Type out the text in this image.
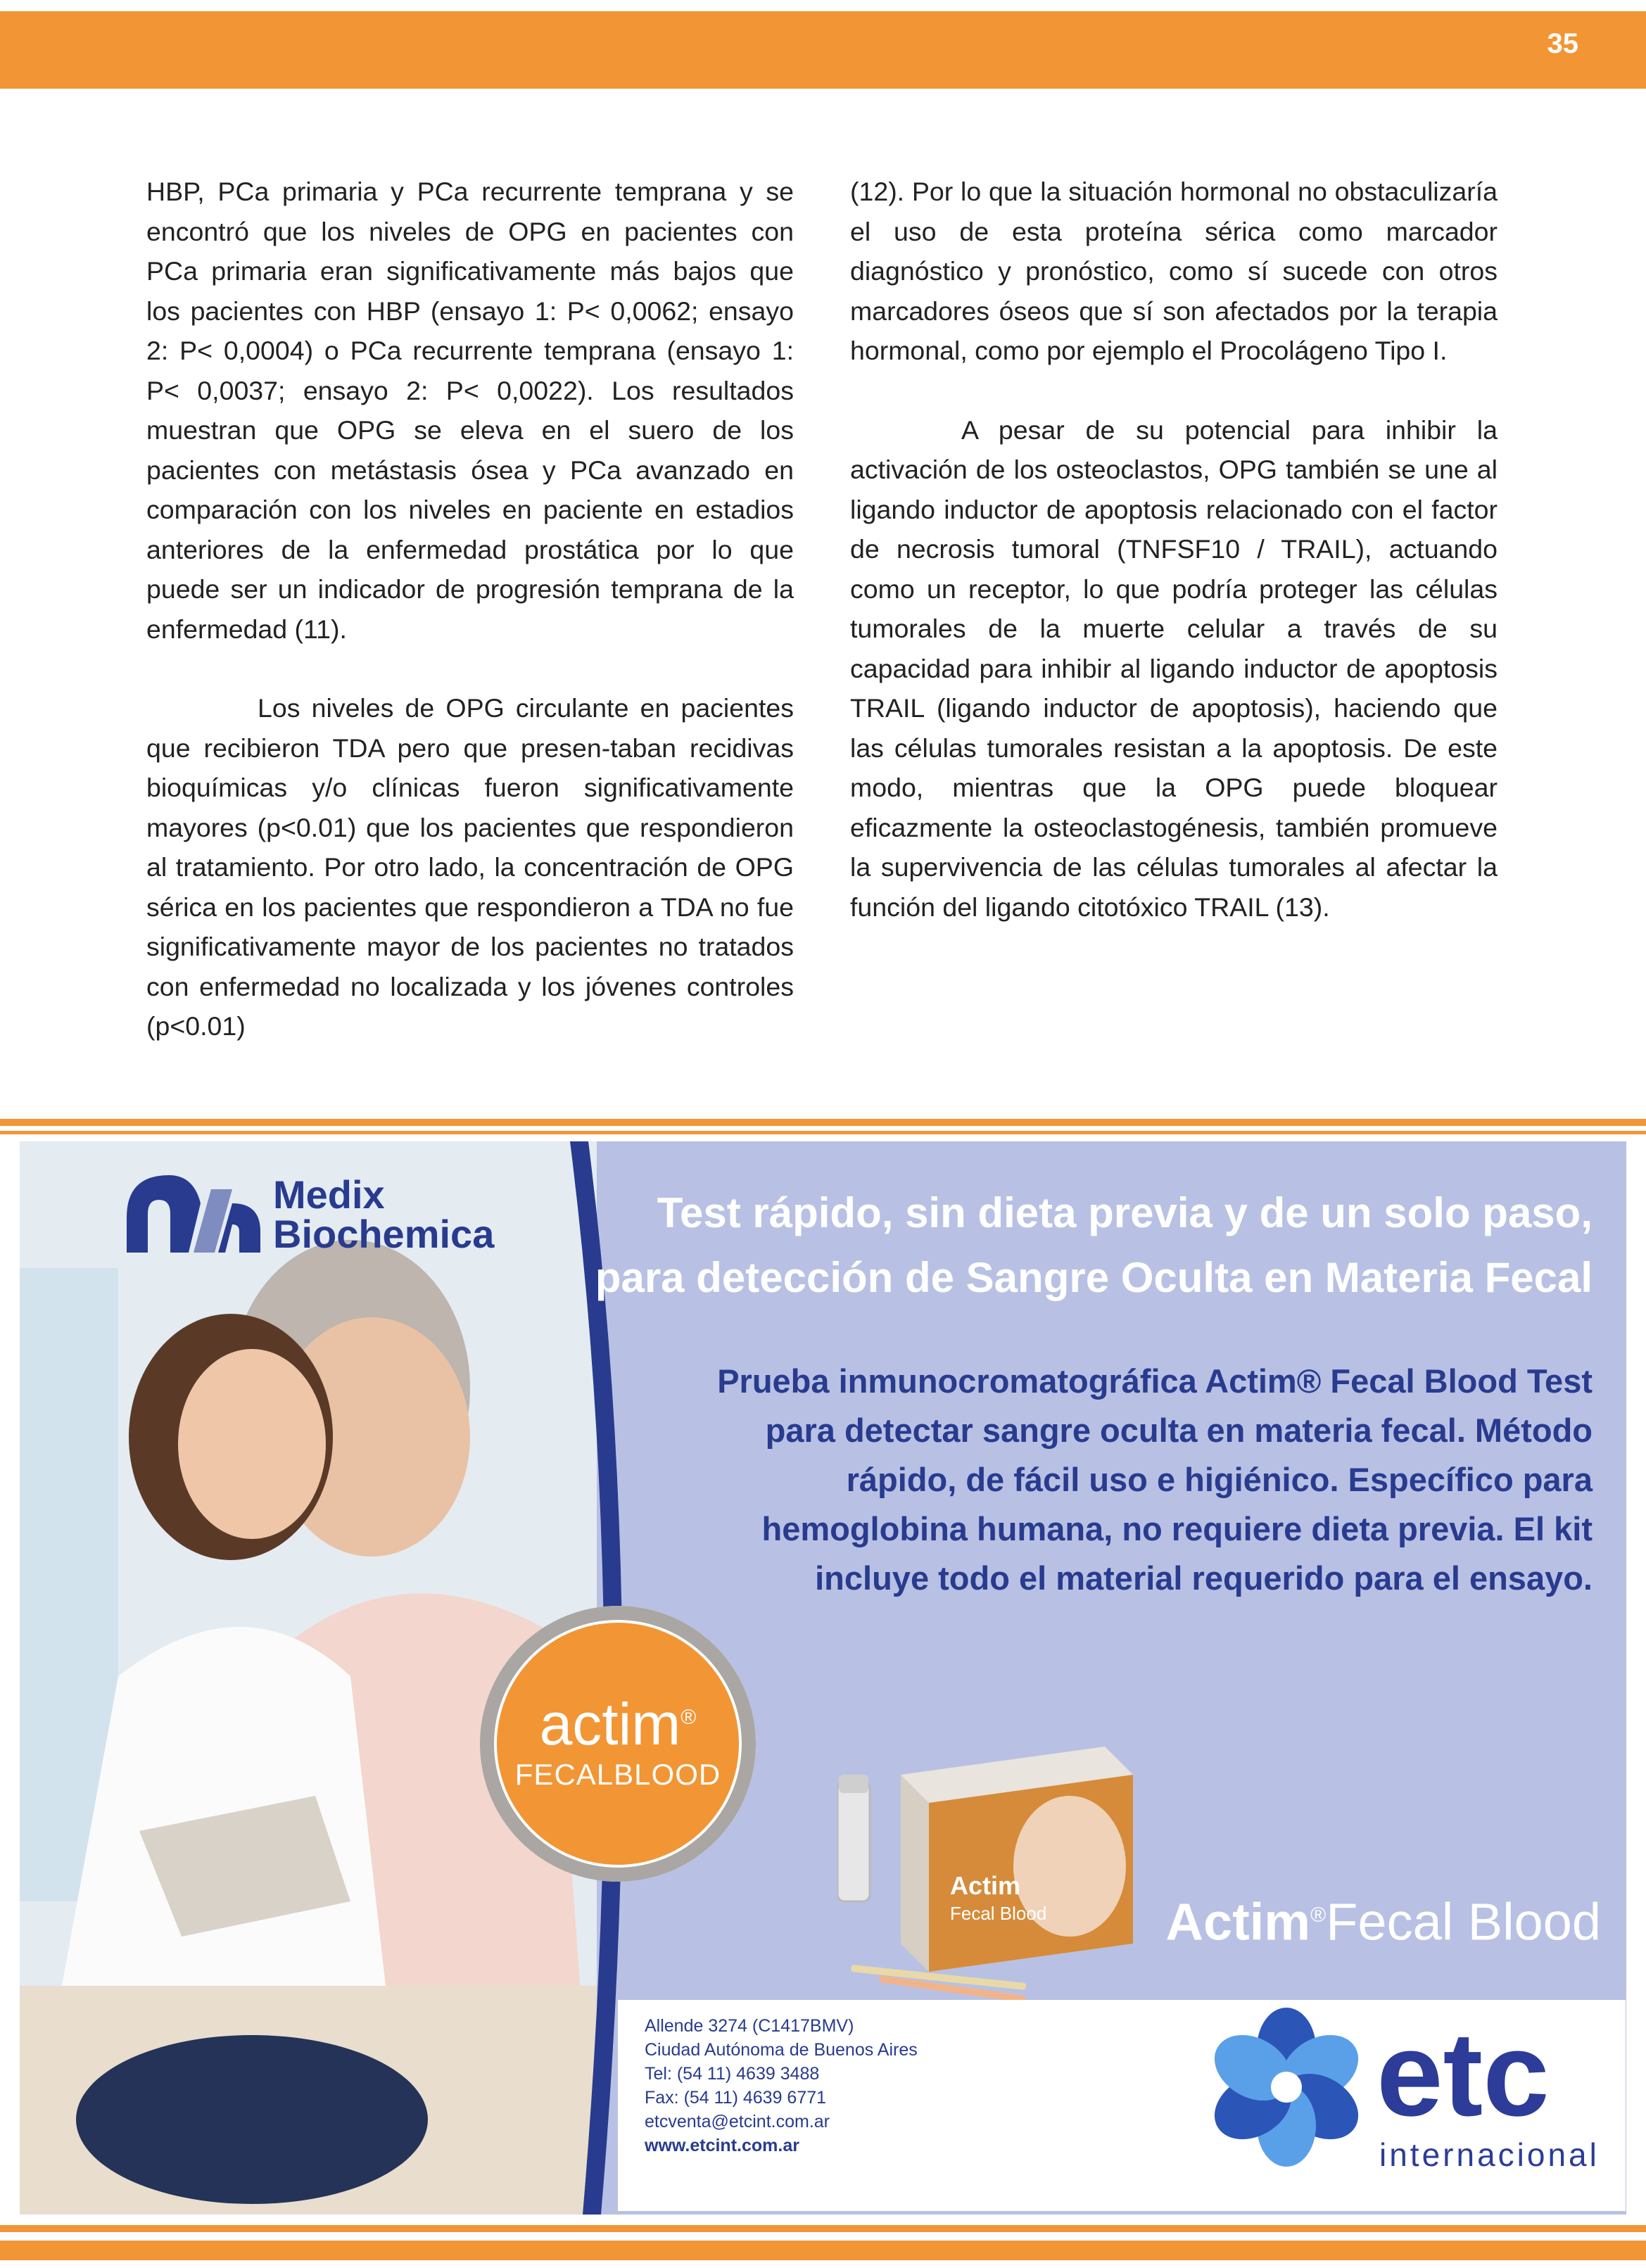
35

HBP, PCa primaria y PCa recurrente temprana y se encontró que los niveles de OPG en pacientes con PCa primaria eran significativamente más bajos que los pacientes con HBP (ensayo 1: P< 0,0062; ensayo 2: P< 0,0004) o PCa recurrente temprana (ensayo 1: P< 0,0037; ensayo 2: P< 0,0022). Los resultados muestran que OPG se eleva en el suero de los pacientes con metástasis ósea y PCa avanzado en comparación con los niveles en paciente en estadios anteriores de la enfermedad prostática por lo que puede ser un indicador de progresión temprana de la enfermedad (11).

Los niveles de OPG circulante en pacientes que recibieron TDA pero que presen-taban recidivas bioquímicas y/o clínicas fueron significativamente mayores (p<0.01) que los pacientes que respondieron al tratamiento. Por otro lado, la concentración de OPG sérica en los pacientes que respondieron a TDA no fue significativamente mayor de los pacientes no tratados con enfermedad no localizada y los jóvenes controles (p<0.01)

(12). Por lo que la situación hormonal no obstaculizaría el uso de esta proteína sérica como marcador diagnóstico y pronóstico, como sí sucede con otros marcadores óseos que sí son afectados por la terapia hormonal, como por ejemplo el Procolágeno Tipo I.

A pesar de su potencial para inhibir la activación de los osteoclastos, OPG también se une al ligando inductor de apoptosis relacionado con el factor de necrosis tumoral (TNFSF10 / TRAIL), actuando como un receptor, lo que podría proteger las células tumorales de la muerte celular a través de su capacidad para inhibir al ligando inductor de apoptosis TRAIL (ligando inductor de apoptosis), haciendo que las células tumorales resistan a la apoptosis. De este modo, mientras que la OPG puede bloquear eficazmente la osteoclastogénesis, también promueve la supervivencia de las células tumorales al afectar la función del ligando citotóxico TRAIL (13).

Medix
Biochemica	Test rápido, sin dieta previa y de un solo paso,
para detección de Sangre Oculta en Materia Fecal
Prueba inmunocromatográfica Actim® Fecal Blood Test
para detectar sangre oculta en materia fecal. Método
rápido, de fácil uso e higiénico. Específico para
hemoglobina humana, no requiere dieta previa. El kit
incluye todo el material requerido para el ensayo.
actim®
FECALBLOOD
Actim
Fecal Blood Actim®Fecal Blood
Allende 3274 (C1417BMV)
Ciudad Autónoma de Buenos Aires
Tel: (54 11) 4639 3488
Fax: (54 11) 4639 6771
etcventa@etcint.com.ar
www.etcint.com.ar
etc
internacional
